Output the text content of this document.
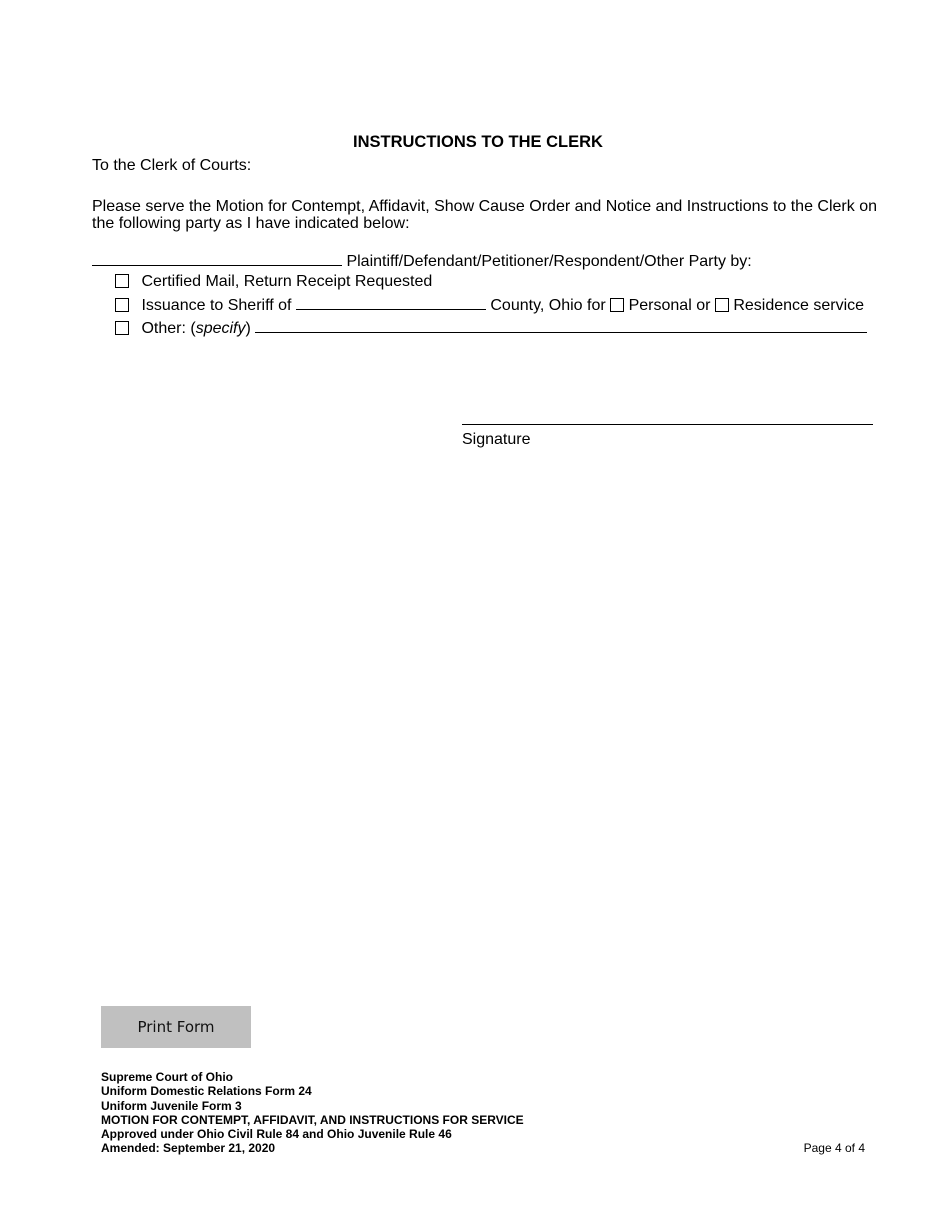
INSTRUCTIONS TO THE CLERK
To the Clerk of Courts:
Please serve the Motion for Contempt, Affidavit, Show Cause Order and Notice and Instructions to the Clerk on
the following party as I have indicated below:
Plaintiff/Defendant/Petitioner/Respondent/Other Party by:
Certified Mail, Return Receipt Requested
Issuance to Sheriff of	County, Ohio for Personal or Residence service
Other: (specify)
Signature
Print Form
Supreme Court of Ohio
Uniform Domestic Relations Form 24
Uniform Juvenile Form 3
MOTION FOR CONTEMPT, AFFIDAVIT, AND INSTRUCTIONS FOR SERVICE
Approved under Ohio Civil Rule 84 and Ohio Juvenile Rule 46
Amended: September 21, 2020	Page 4 of 4
